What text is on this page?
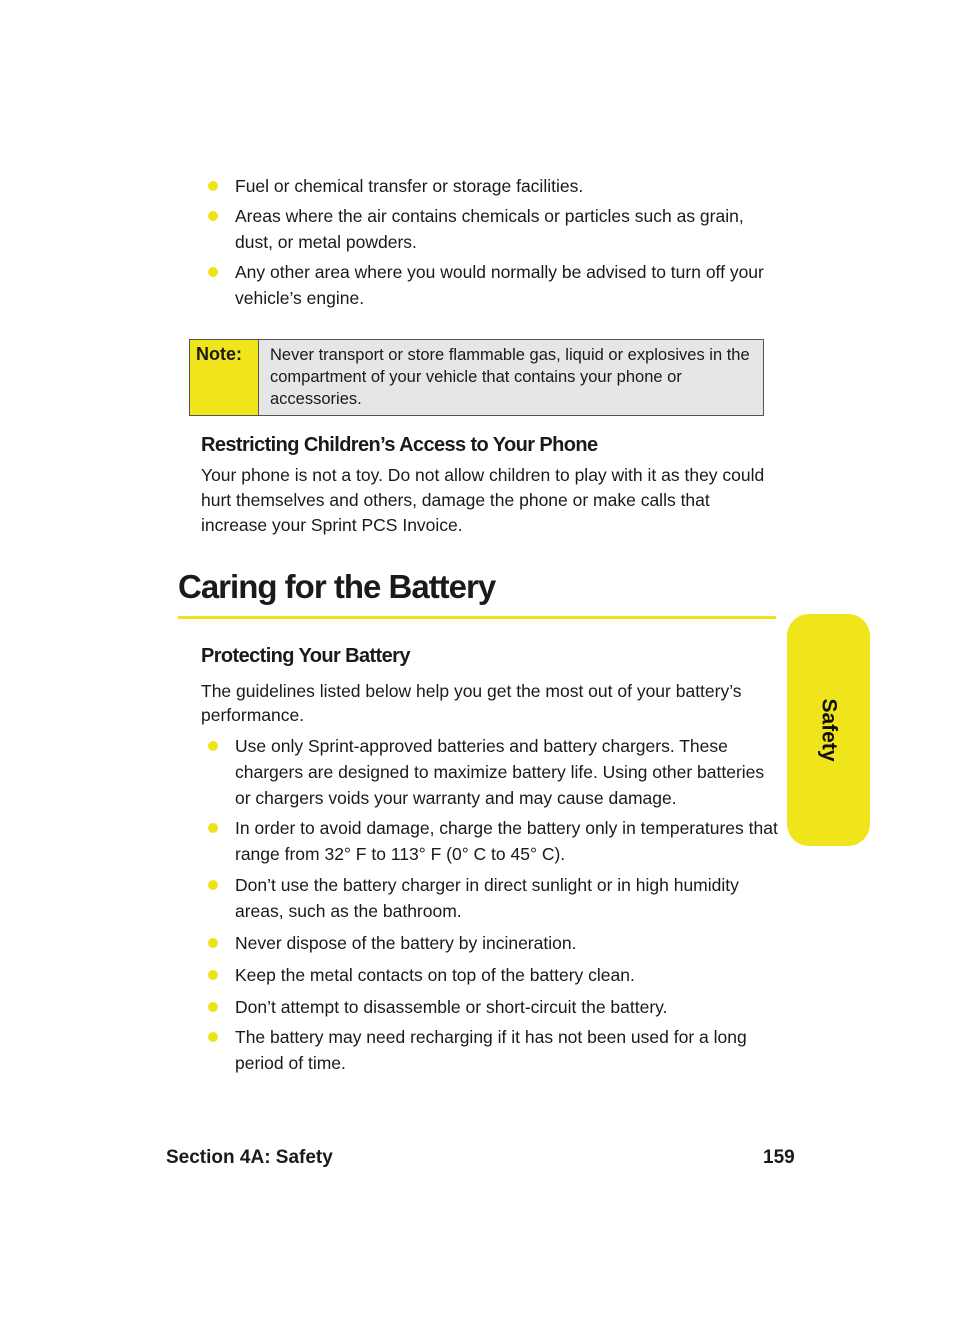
Fuel or chemical transfer or storage facilities.
Areas where the air contains chemicals or particles such as grain, dust, or metal powders.
Any other area where you would normally be advised to turn off your vehicle’s engine.
Note:	Never transport or store flammable gas, liquid or explosives in the compartment of your vehicle that contains your phone or accessories.
Restricting Children’s Access to Your Phone
Your phone is not a toy. Do not allow children to play with it as they could hurt themselves and others, damage the phone or make calls that increase your Sprint PCS Invoice.
Caring for the Battery
Protecting Your Battery
The guidelines listed below help you get the most out of your battery’s performance.
Use only Sprint-approved batteries and battery chargers. These chargers are designed to maximize battery life. Using other batteries or chargers voids your warranty and may cause damage.
In order to avoid damage, charge the battery only in temperatures that range from 32° F to 113° F (0° C to 45° C).
Don’t use the battery charger in direct sunlight or in high humidity areas, such as the bathroom.
Never dispose of the battery by incineration.
Keep the metal contacts on top of the battery clean.
Don’t attempt to disassemble or short-circuit the battery.
The battery may need recharging if it has not been used for a long period of time.
Safety
Section 4A: Safety	159
